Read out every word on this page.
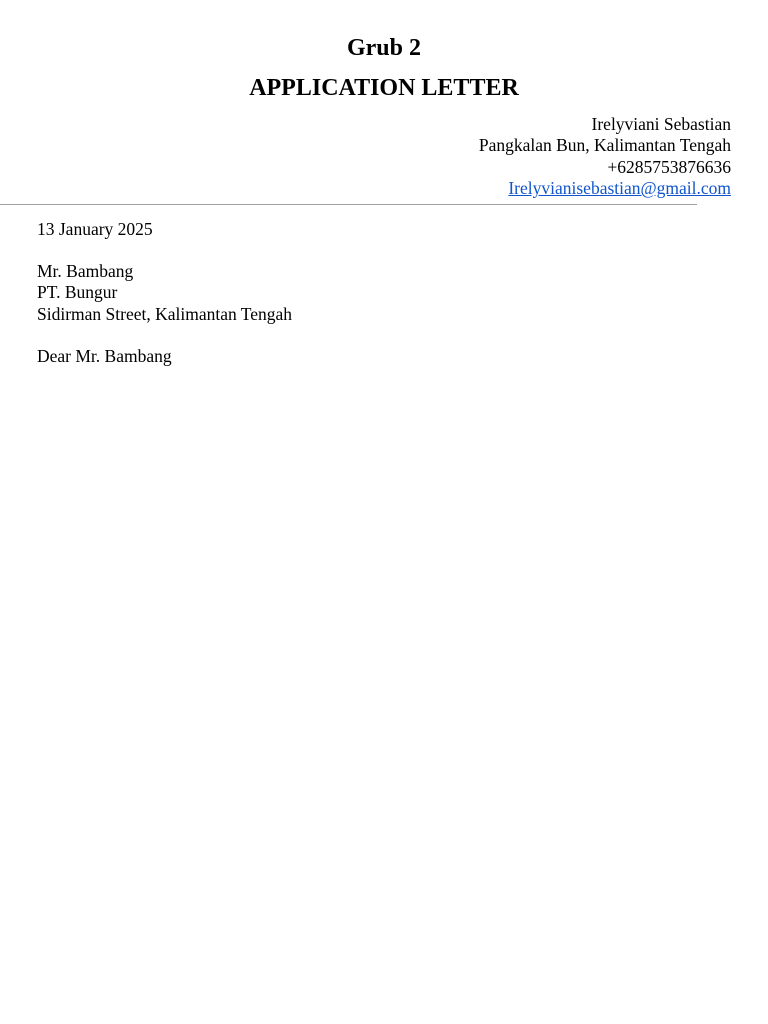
Grub 2
APPLICATION LETTER
Irelyviani Sebastian
Pangkalan Bun, Kalimantan Tengah
+6285753876636
Irelyvianisebastian@gmail.com
13 January 2025
Mr. Bambang
PT. Bungur
Sidirman Street, Kalimantan Tengah
Dear Mr. Bambang
